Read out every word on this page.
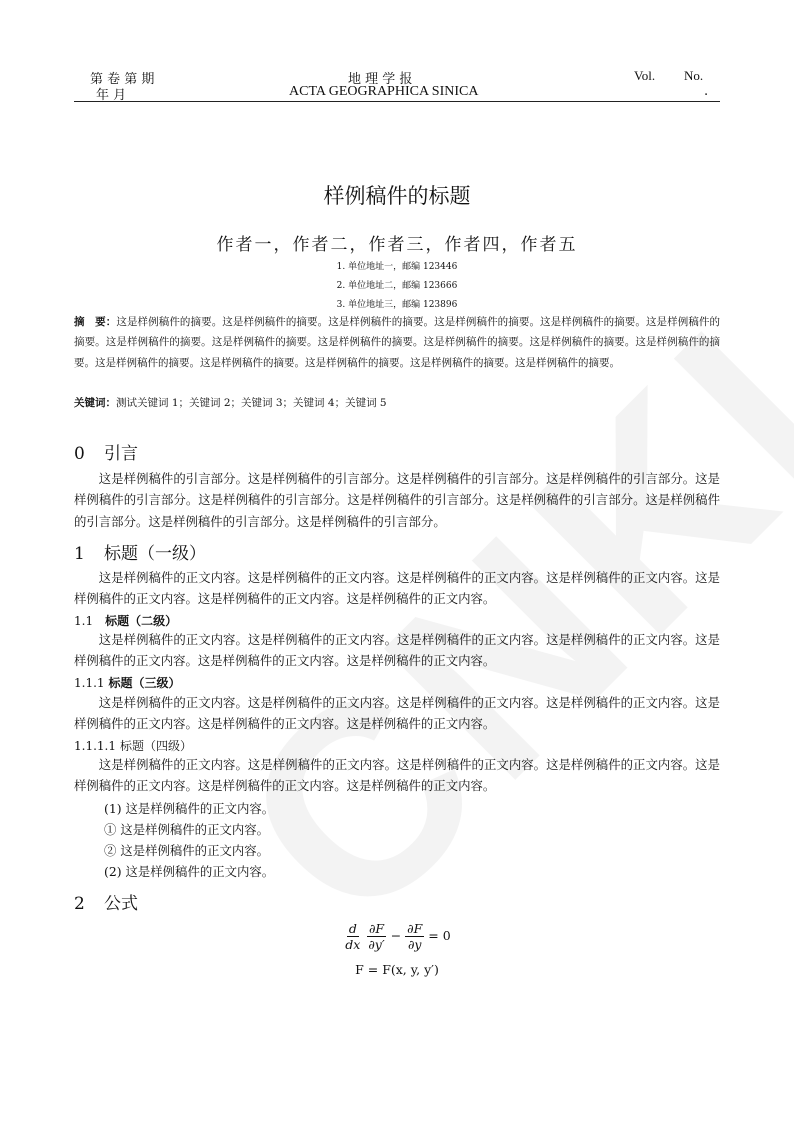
第 卷 第 期
年 月
地 理 学 报
ACTA GEOGRAPHICA SINICA
Vol. No.
.
样例稿件的标题
作者一，作者二，作者三，作者四，作者五
1. 单位地址一，邮编 123446
2. 单位地址二，邮编 123666
3. 单位地址三，邮编 123896
摘　要：这是样例稿件的摘要。这是样例稿件的摘要。这是样例稿件的摘要。这是样例稿件的摘要。这是样例稿件的摘要。这是样例稿件的摘要。这是样例稿件的摘要。这是样例稿件的摘要。这是样例稿件的摘要。这是样例稿件的摘要。这是样例稿件的摘要。这是样例稿件的摘要。这是样例稿件的摘要。这是样例稿件的摘要。这是样例稿件的摘要。这是样例稿件的摘要。这是样例稿件的摘要。
关键词：测试关键词 1；关键词 2；关键词 3；关键词 4；关键词 5
0 引言
这是样例稿件的引言部分。这是样例稿件的引言部分。这是样例稿件的引言部分。这是样例稿件的引言部分。这是样例稿件的引言部分。这是样例稿件的引言部分。这是样例稿件的引言部分。这是样例稿件的引言部分。这是样例稿件的引言部分。这是样例稿件的引言部分。这是样例稿件的引言部分。
1 标题（一级）
这是样例稿件的正文内容。这是样例稿件的正文内容。这是样例稿件的正文内容。这是样例稿件的正文内容。这是样例稿件的正文内容。这是样例稿件的正文内容。这是样例稿件的正文内容。
1.1 标题（二级）
这是样例稿件的正文内容。这是样例稿件的正文内容。这是样例稿件的正文内容。这是样例稿件的正文内容。这是样例稿件的正文内容。这是样例稿件的正文内容。这是样例稿件的正文内容。
1.1.1 标题（三级）
这是样例稿件的正文内容。这是样例稿件的正文内容。这是样例稿件的正文内容。这是样例稿件的正文内容。这是样例稿件的正文内容。这是样例稿件的正文内容。这是样例稿件的正文内容。
1.1.1.1 标题（四级）
这是样例稿件的正文内容。这是样例稿件的正文内容。这是样例稿件的正文内容。这是样例稿件的正文内容。这是样例稿件的正文内容。这是样例稿件的正文内容。这是样例稿件的正文内容。
(1) 这是样例稿件的正文内容。
① 这是样例稿件的正文内容。
② 这是样例稿件的正文内容。
(2) 这是样例稿件的正文内容。
2 公式
$\frac{d}{dx}$
$\frac{\partial F}{\partial y'} - \frac{\partial F}{\partial y} = 0$
F = F(x, y, y′)
